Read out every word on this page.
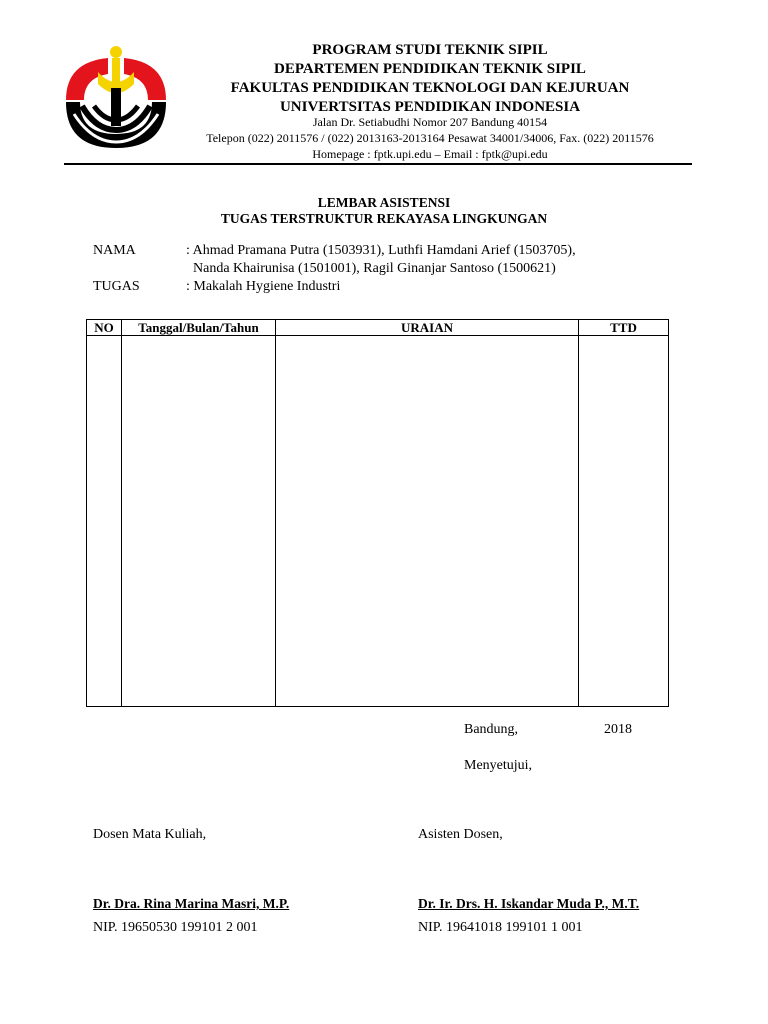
PROGRAM STUDI TEKNIK SIPIL
DEPARTEMEN PENDIDIKAN TEKNIK SIPIL
FAKULTAS PENDIDIKAN TEKNOLOGI DAN KEJURUAN
UNIVERTSITAS PENDIDIKAN INDONESIA
Jalan Dr. Setiabudhi Nomor 207 Bandung 40154
Telepon (022) 2011576 / (022) 2013163-2013164 Pesawat 34001/34006, Fax. (022) 2011576
Homepage : fptk.upi.edu – Email : fptk@upi.edu
LEMBAR ASISTENSI
TUGAS TERSTRUKTUR REKAYASA LINGKUNGAN
NAMA	: Ahmad Pramana Putra (1503931), Luthfi Hamdani Arief (1503705),
Nanda Khairunisa (1501001), Ragil Ginanjar Santoso (1500621)
TUGAS	: Makalah Hygiene Industri
NO	Tanggal/Bulan/Tahun	URAIAN	TTD

Bandung,	2018
Menyetujui,
Dosen Mata Kuliah,	Asisten Dosen,
Dr. Dra. Rina Marina Masri, M.P.	Dr. Ir. Drs. H. Iskandar Muda P., M.T.
NIP. 19650530 199101 2 001	NIP. 19641018 199101 1 001
